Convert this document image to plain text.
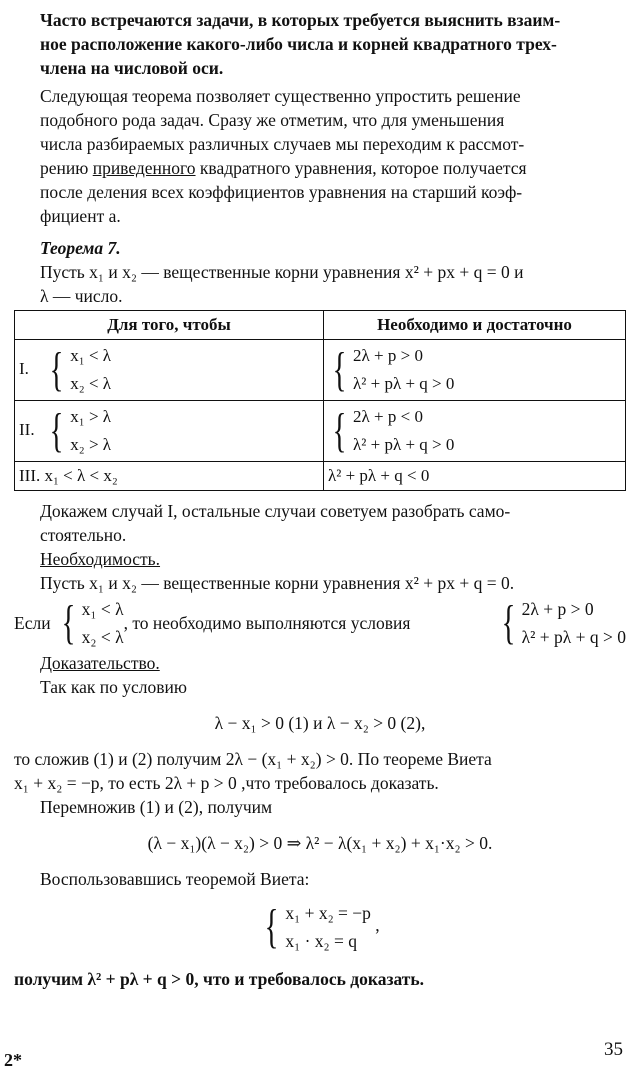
Часто встречаются задачи, в которых требуется выяснить взаим-
ное расположение какого-либо числа и корней квадратного трех-
члена на числовой оси.

Следующая теорема позволяет существенно упростить решение
подобного рода задач. Сразу же отметим, что для уменьшения
числа разбираемых различных случаев мы переходим к рассмот-
рению приведенного квадратного уравнения, которое получается
после деления всех коэффициентов уравнения на старший коэф-
фициент a.

Теорема 7.

Пусть x₁ и x₂ — вещественные корни уравнения x² + px + q = 0 и
λ — число.

Для того, чтобы	Необходимо и достаточно
I. { x₁ < λ
x₂ < λ	{ 2λ + p > 0
λ² + pλ + q > 0

II. { x₁ > λ
x₂ > λ	{ 2λ + p < 0
λ² + pλ + q > 0

III. x₁ < λ < x₂	λ² + pλ + q < 0

Докажем случай I, остальные случаи советуем разобрать само-
стоятельно.

Необходимость.

Пусть x₁ и x₂ — вещественные корни уравнения x² + px + q = 0.

Если { x₁ < λ
x₂ < λ
, то необходимо выполняются условия { 2λ + p > 0
λ² + pλ + q > 0

Доказательство.

Так как по условию

λ − x₁ > 0 (1) и λ − x₂ > 0 (2),

то сложив (1) и (2) получим 2λ − (x₁ + x₂) > 0. По теореме Виета
x₁ + x₂ = −p, то есть 2λ + p > 0 ,что требовалось доказать.

Перемножив (1) и (2), получим

(λ − x₁)(λ − x₂) > 0 ⇒ λ² − λ(x₁ + x₂) + x₁·x₂ > 0.

Воспользовавшись теоремой Виета:

{ x₁ + x₂ = −p
x₁ · x₂ = q
,

получим λ² + pλ + q > 0, что и требовалось доказать.

2*	35
